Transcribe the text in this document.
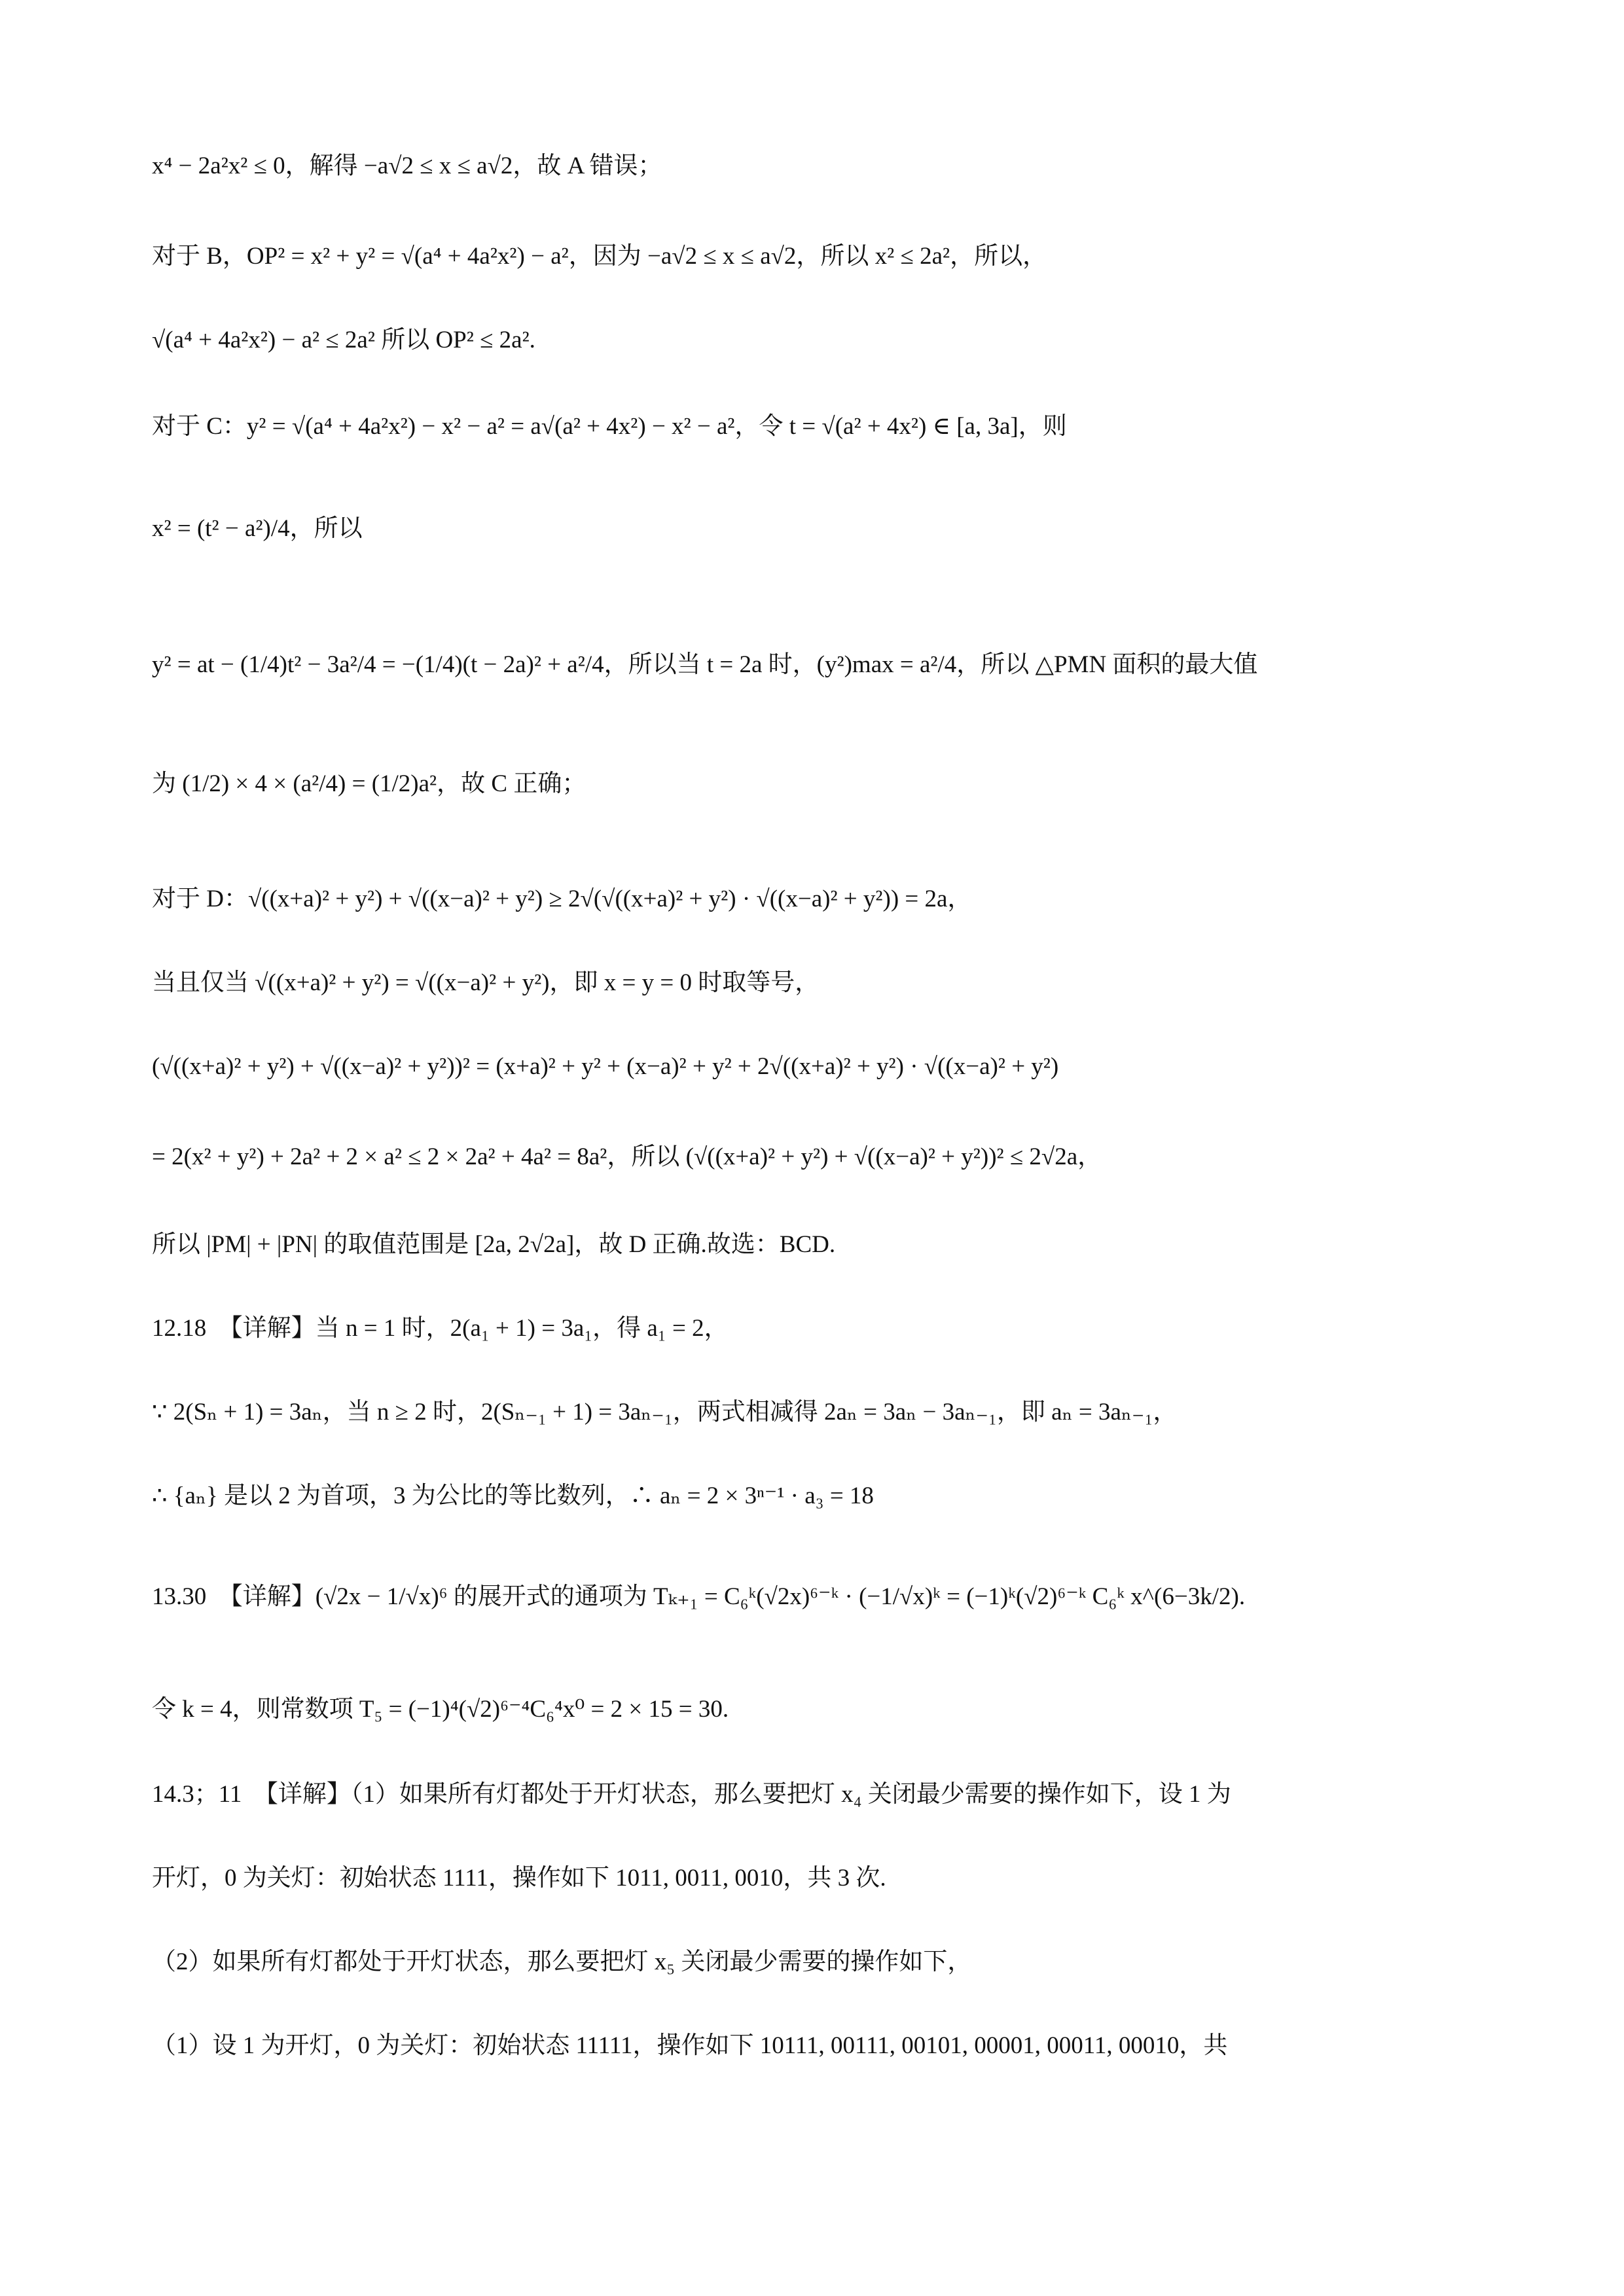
x⁴ − 2a²x² ≤ 0，解得 −a√2 ≤ x ≤ a√2，故 A 错误；
对于 B，OP² = x² + y² = √(a⁴ + 4a²x²) − a²，因为 −a√2 ≤ x ≤ a√2，所以 x² ≤ 2a²，所以，
√(a⁴ + 4a²x²) − a² ≤ 2a² 所以 OP² ≤ 2a².
对于 C：y² = √(a⁴ + 4a²x²) − x² − a² = a√(a² + 4x²) − x² − a²，令 t = √(a² + 4x²) ∈ [a, 3a]，则
x² = (t² − a²)/4，所以
y² = at − (1/4)t² − 3a²/4 = −(1/4)(t − 2a)² + a²/4，所以当 t = 2a 时，(y²)max = a²/4，所以 △PMN 面积的最大值
为 (1/2) × 4 × (a²/4) = (1/2)a²，故 C 正确；
对于 D：√((x+a)² + y²) + √((x−a)² + y²) ≥ 2√(√((x+a)² + y²) · √((x−a)² + y²)) = 2a，
当且仅当 √((x+a)² + y²) = √((x−a)² + y²)，即 x = y = 0 时取等号，
(√((x+a)² + y²) + √((x−a)² + y²))² = (x+a)² + y² + (x−a)² + y² + 2√((x+a)² + y²) · √((x−a)² + y²)
= 2(x² + y²) + 2a² + 2 × a² ≤ 2 × 2a² + 4a² = 8a²，所以 (√((x+a)² + y²) + √((x−a)² + y²))² ≤ 2√2a，
所以 |PM| + |PN| 的取值范围是 [2a, 2√2a]，故 D 正确.故选：BCD.
12.18　【详解】当 n = 1 时，2(a₁ + 1) = 3a₁，得 a₁ = 2，
∵ 2(Sₙ + 1) = 3aₙ，当 n ≥ 2 时，2(Sₙ₋₁ + 1) = 3aₙ₋₁，两式相减得 2aₙ = 3aₙ − 3aₙ₋₁，即 aₙ = 3aₙ₋₁，
∴ {aₙ} 是以 2 为首项，3 为公比的等比数列，∴ aₙ = 2 × 3ⁿ⁻¹ · a₃ = 18
13.30　【详解】(√2x − 1/√x)⁶ 的展开式的通项为 Tₖ₊₁ = C₆ᵏ(√2x)⁶⁻ᵏ · (−1/√x)ᵏ = (−1)ᵏ(√2)⁶⁻ᵏ C₆ᵏ x^(6−3k/2).
令 k = 4，则常数项 T₅ = (−1)⁴(√2)⁶⁻⁴C₆⁴x⁰ = 2 × 15 = 30.
14.3；11　【详解】（1）如果所有灯都处于开灯状态，那么要把灯 x₄ 关闭最少需要的操作如下，设 1 为
开灯，0 为关灯：初始状态 1111，操作如下 1011, 0011, 0010，共 3 次.
（2）如果所有灯都处于开灯状态，那么要把灯 x₅ 关闭最少需要的操作如下，
（1）设 1 为开灯，0 为关灯：初始状态 11111，操作如下 10111, 00111, 00101, 00001, 00011, 00010，共
